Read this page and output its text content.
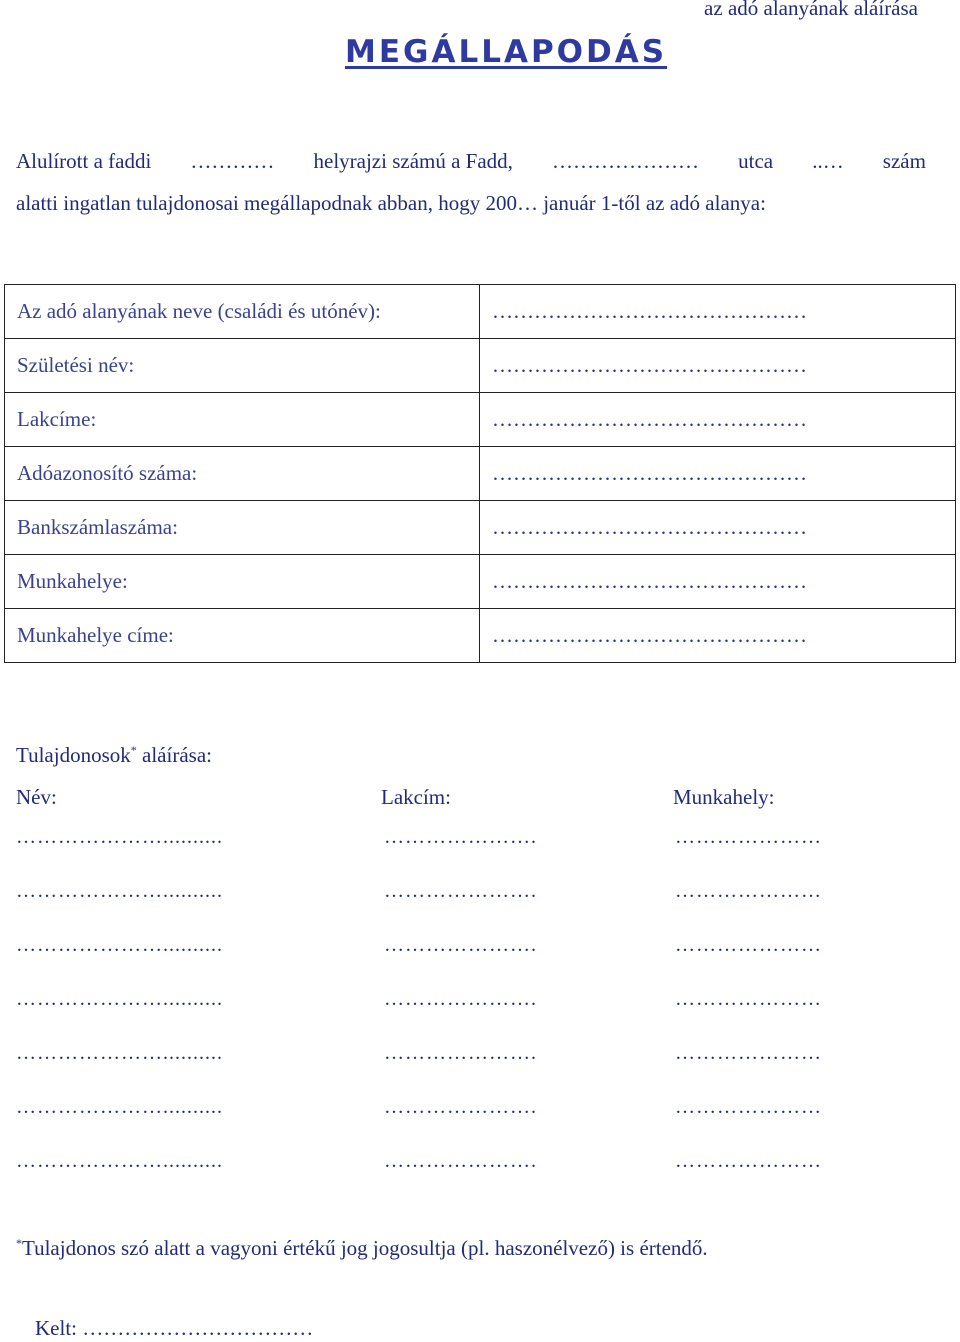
az adó alanyának aláírása
MEGÁLLAPODÁS
Alulírott a faddi ………… helyrajzi számú a Fadd, ………………… utca ..… szám
alatti ingatlan tulajdonosai megállapodnak abban, hogy 200… január 1-től az adó alanya:
Az adó alanyának neve (családi és utónév):	………………………………………
Születési név:	………………………………………
Lakcíme:	………………………………………
Adóazonosító száma:	………………………………………
Bankszámlaszáma:	………………………………………
Munkahelye:	………………………………………
Munkahelye címe:	………………………………………
Tulajdonosok* aláírása:
Név:	Lakcím:	Munkahely:
…………………..........	………………….	…………………
…………………..........	………………….	…………………
…………………..........	………………….	…………………
…………………..........	………………….	…………………
…………………..........	………………….	…………………
…………………..........	………………….	…………………
…………………..........	………………….	…………………
*Tulajdonos szó alatt a vagyoni értékű jog jogosultja (pl. haszonélvező) is értendő.
Kelt: ……………………………
